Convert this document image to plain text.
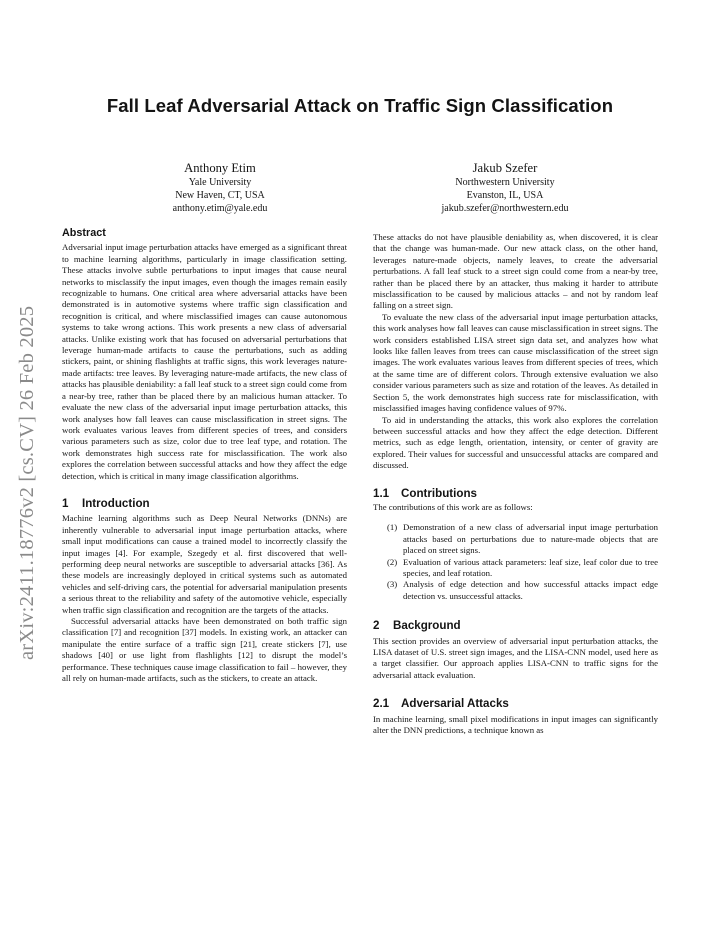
Fall Leaf Adversarial Attack on Traffic Sign Classification
Anthony Etim
Yale University
New Haven, CT, USA
anthony.etim@yale.edu
Jakub Szefer
Northwestern University
Evanston, IL, USA
jakub.szefer@northwestern.edu
arXiv:2411.18776v2 [cs.CV] 26 Feb 2025
Abstract

Adversarial input image perturbation attacks have emerged as a significant threat to machine learning algorithms, particularly in image classification setting. These attacks involve subtle perturbations to input images that cause neural networks to misclassify the input images, even though the images remain easily recognizable to humans. One critical area where adversarial attacks have been demonstrated is in automotive systems where traffic sign classification and recognition is critical, and where misclassified images can cause autonomous systems to take wrong actions. This work presents a new class of adversarial attacks. Unlike existing work that has focused on adversarial perturbations that leverage human-made artifacts to cause the perturbations, such as adding stickers, paint, or shining flashlights at traffic signs, this work leverages nature-made artifacts: tree leaves. By leveraging nature-made artifacts, the new class of attacks has plausible deniability: a fall leaf stuck to a street sign could come from a near-by tree, rather than be placed there by an malicious human attacker. To evaluate the new class of the adversarial input image perturbation attacks, this work analyses how fall leaves can cause misclassification in street signs. The work evaluates various leaves from different species of trees, and considers various parameters such as size, color due to tree leaf type, and rotation. The work demonstrates high success rate for misclassification. The work also explores the correlation between successful attacks and how they affect the edge detection, which is critical in many image classification algorithms.

1 Introduction

Machine learning algorithms such as Deep Neural Networks (DNNs) are inherently vulnerable to adversarial input image perturbation attacks, where small input modifications can cause a trained model to incorrectly classify the input images [4]. For example, Szegedy et al. first discovered that well-performing deep neural networks are susceptible to adversarial attacks [36]. As these models are increasingly deployed in critical systems such as automated vehicles and self-driving cars, the potential for adversarial manipulation presents a serious threat to the reliability and safety of the automotive vehicle, especially when traffic sign classification and recognition are the targets of the attacks.

Successful adversarial attacks have been demonstrated on both traffic sign classification [7] and recognition [37] models. In existing work, an attacker can manipulate the entire surface of a traffic sign [21], create stickers [7], use shadows [40] or use light from flashlights [12] to disrupt the model’s performance. These techniques cause image classification to fail – however, they all rely on human-made artifacts, such as the stickers, to create an attack.

These attacks do not have plausible deniability as, when discovered, it is clear that the change was human-made. Our new attack class, on the other hand, leverages nature-made objects, namely leaves, to create the adversarial perturbations. A fall leaf stuck to a street sign could come from a near-by tree, rather than be placed there by an attacker, thus making it harder to attribute misclassification to be caused by malicious attacks – and not by random leaf falling on a street sign.

To evaluate the new class of the adversarial input image perturbation attacks, this work analyses how fall leaves can cause misclassification in street signs. The work considers established LISA street sign data set, and analyzes how what looks like fallen leaves from trees can cause misclassification of the street sign images. The work evaluates various leaves from different species of trees, which at the same time are of different colors. Through extensive evaluation we also consider various parameters such as size and rotation of the leaves. As detailed in Section 5, the work demonstrates high success rate for misclassification, with misclassified images having confidence values of 97%.

To aid in understanding the attacks, this work also explores the correlation between successful attacks and how they affect the edge detection. Different metrics, such as edge length, orientation, intensity, or center of gravity are explored. Their values for successful and unsuccessful attacks are compared and discussed.

1.1 Contributions

The contributions of this work are as follows:

(1) Demonstration of a new class of adversarial input image perturbation attacks based on perturbations due to nature-made objects that are placed on street signs.
(2) Evaluation of various attack parameters: leaf size, leaf color due to tree species, and leaf rotation.
(3) Analysis of edge detection and how successful attacks impact edge detection vs. unsuccessful attacks.
2 Background

This section provides an overview of adversarial input perturbation attacks, the LISA dataset of U.S. street sign images, and the LISA-CNN model, used here as a target classifier. Our approach applies LISA-CNN to traffic signs for the adversarial attack evaluation.

2.1 Adversarial Attacks

In machine learning, small pixel modifications in input images can significantly alter the DNN predictions, a technique known as
